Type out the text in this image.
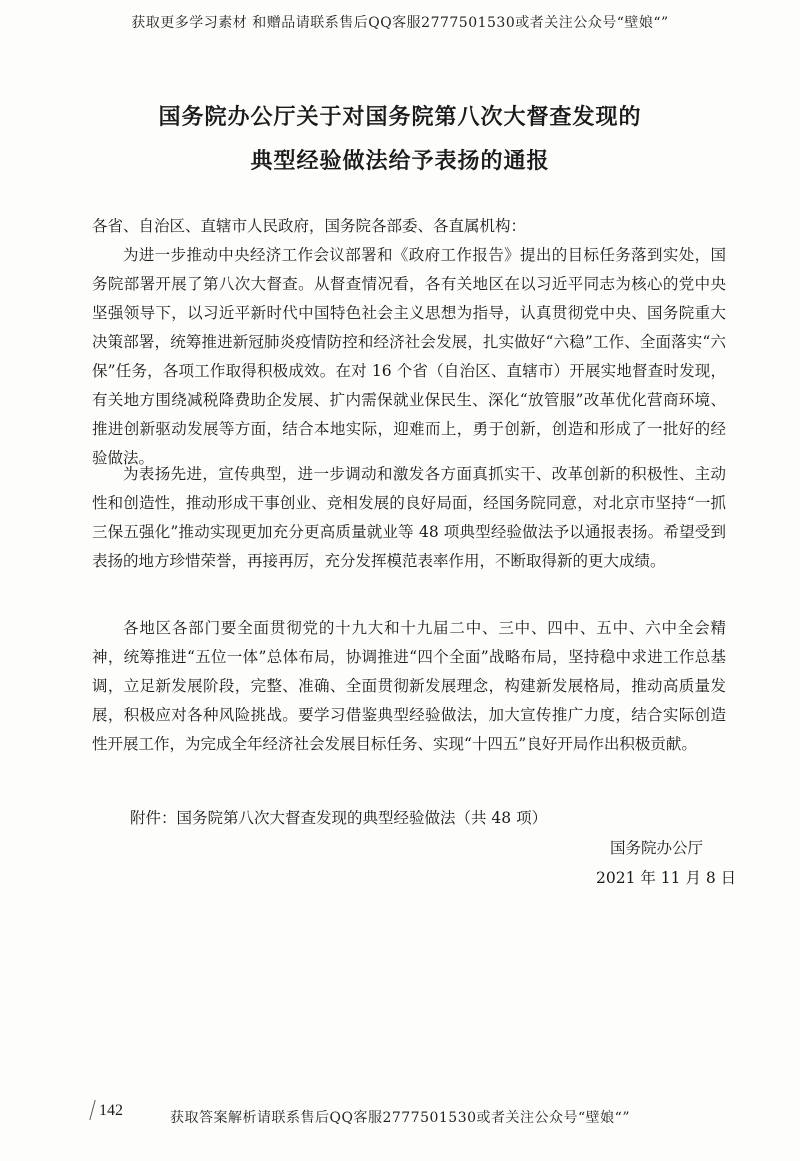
获取更多学习素材 和赠品请联系售后QQ客服2777501530或者关注公众号“壁娘“”
国务院办公厅关于对国务院第八次大督查发现的
典型经验做法给予表扬的通报
各省、自治区、直辖市人民政府，国务院各部委、各直属机构：

为进一步推动中央经济工作会议部署和《政府工作报告》提出的目标任务落到实处，国务院部署开展了第八次大督查。从督查情况看，各有关地区在以习近平同志为核心的党中央坚强领导下，以习近平新时代中国特色社会主义思想为指导，认真贯彻党中央、国务院重大决策部署，统筹推进新冠肺炎疫情防控和经济社会发展，扎实做好“六稳”工作、全面落实“六保”任务，各项工作取得积极成效。在对 16 个省（自治区、直辖市）开展实地督查时发现，有关地方围绕减税降费助企发展、扩内需保就业保民生、深化“放管服”改革优化营商环境、推进创新驱动发展等方面，结合本地实际，迎难而上，勇于创新，创造和形成了一批好的经验做法。

为表扬先进，宣传典型，进一步调动和激发各方面真抓实干、改革创新的积极性、主动性和创造性，推动形成干事创业、竞相发展的良好局面，经国务院同意，对北京市坚持“一抓三保五强化”推动实现更加充分更高质量就业等 48 项典型经验做法予以通报表扬。希望受到表扬的地方珍惜荣誉，再接再厉，充分发挥模范表率作用，不断取得新的更大成绩。

各地区各部门要全面贯彻党的十九大和十九届二中、三中、四中、五中、六中全会精神，统筹推进“五位一体”总体布局，协调推进“四个全面”战略布局，坚持稳中求进工作总基调，立足新发展阶段，完整、准确、全面贯彻新发展理念，构建新发展格局，推动高质量发展，积极应对各种风险挑战。要学习借鉴典型经验做法，加大宣传推广力度，结合实际创造性开展工作，为完成全年经济社会发展目标任务、实现“十四五”良好开局作出积极贡献。

附件：国务院第八次大督查发现的典型经验做法（共 48 项）
国务院办公厅
2021 年 11 月 8 日
142	获取答案解析请联系售后QQ客服2777501530或者关注公众号“壁娘“”
